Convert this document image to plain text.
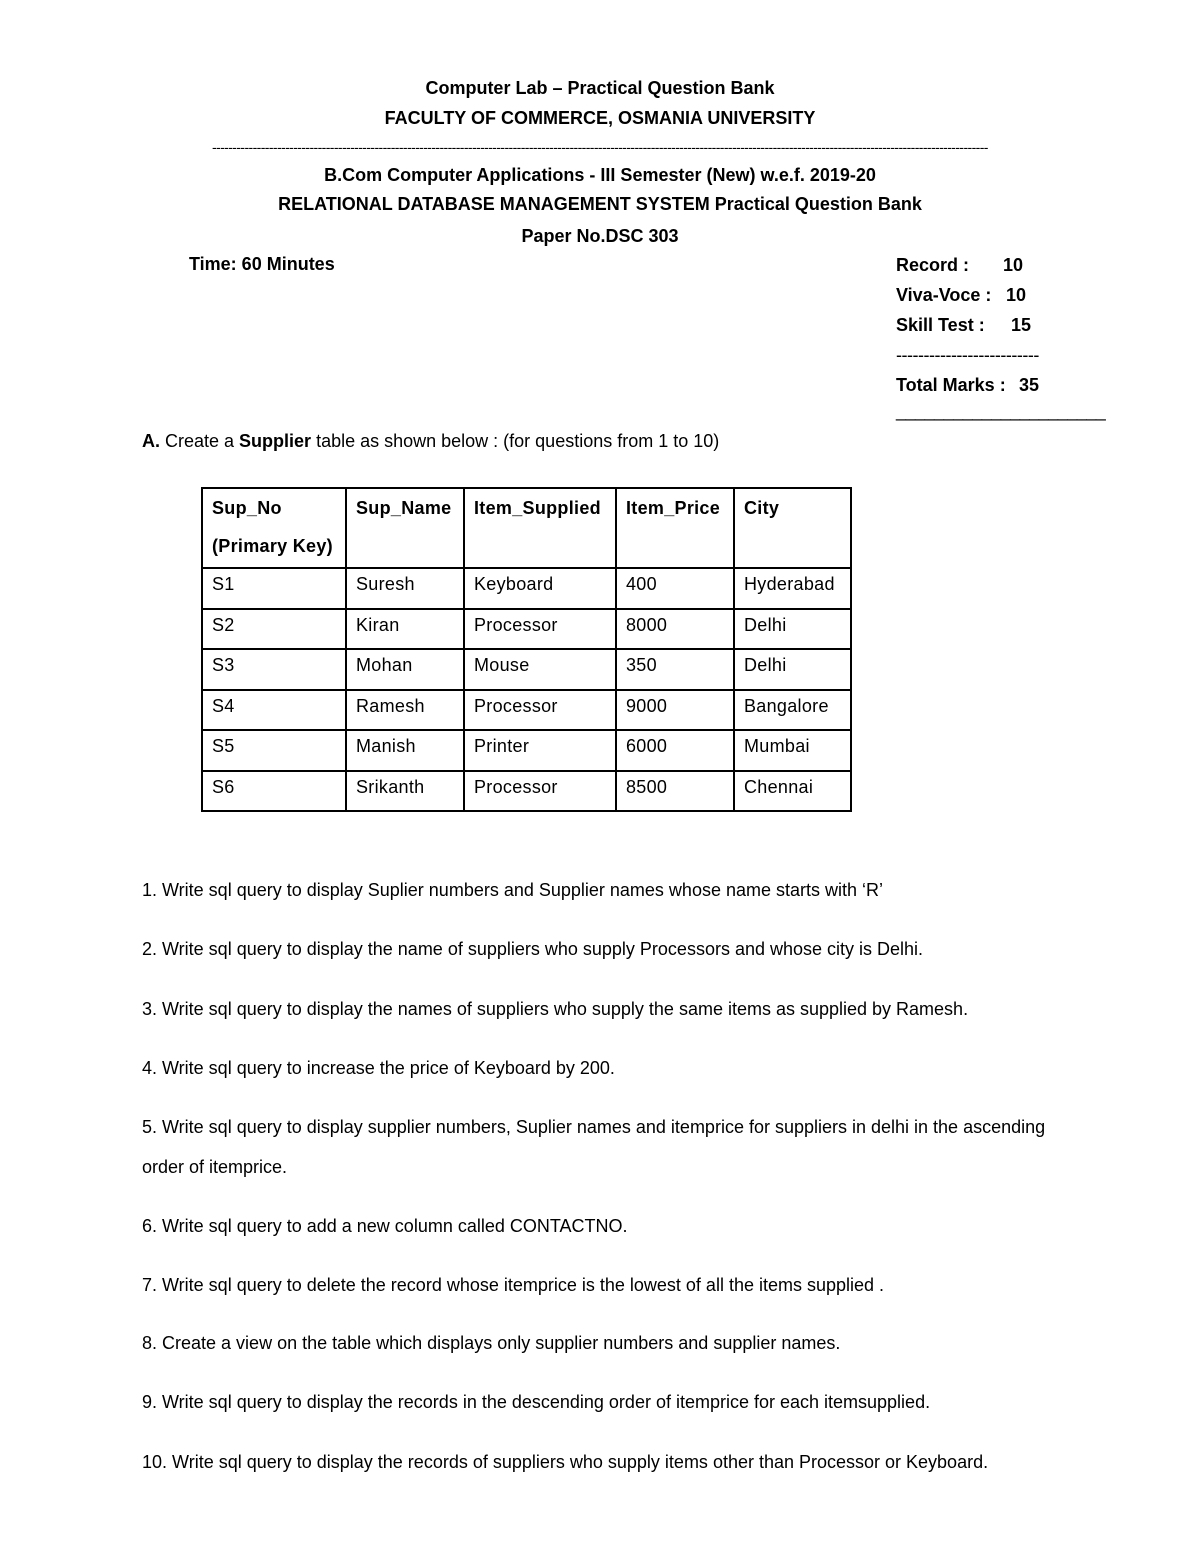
Computer Lab – Practical Question Bank
FACULTY OF COMMERCE, OSMANIA UNIVERSITY
-----------------------------------------------------------------------------------------------------------------------------------------------------------------------------------------------
B.Com Computer Applications - III Semester (New) w.e.f. 2019-20
RELATIONAL DATABASE MANAGEMENT SYSTEM Practical Question Bank
Paper No.DSC 303
Time: 60 Minutes	Record : 10
Viva-Voce : 10
Skill Test : 15
--------------------------
Total Marks : 35
______________________
A. Create a Supplier table as shown below : (for questions from 1 to 10)
Sup_No
(Primary Key)	Sup_Name	Item_Supplied	Item_Price	City
S1	Suresh	Keyboard	400	Hyderabad
S2	Kiran	Processor	8000	Delhi
S3	Mohan	Mouse	350	Delhi
S4	Ramesh	Processor	9000	Bangalore
S5	Manish	Printer	6000	Mumbai
S6	Srikanth	Processor	8500	Chennai
1. Write sql query to display Suplier numbers and Supplier names whose name starts with ‘R’
2. Write sql query to display the name of suppliers who supply Processors and whose city is Delhi.
3. Write sql query to display the names of suppliers who supply the same items as supplied by Ramesh.
4. Write sql query to increase the price of Keyboard by 200.
5. Write sql query to display supplier numbers, Suplier names and itemprice for suppliers in delhi in the ascending order of itemprice.
6. Write sql query to add a new column called CONTACTNO.
7. Write sql query to delete the record whose itemprice is the lowest of all the items supplied .
8. Create a view on the table which displays only supplier numbers and supplier names.
9. Write sql query to display the records in the descending order of itemprice for each itemsupplied.
10. Write sql query to display the records of suppliers who supply items other than Processor or Keyboard.
